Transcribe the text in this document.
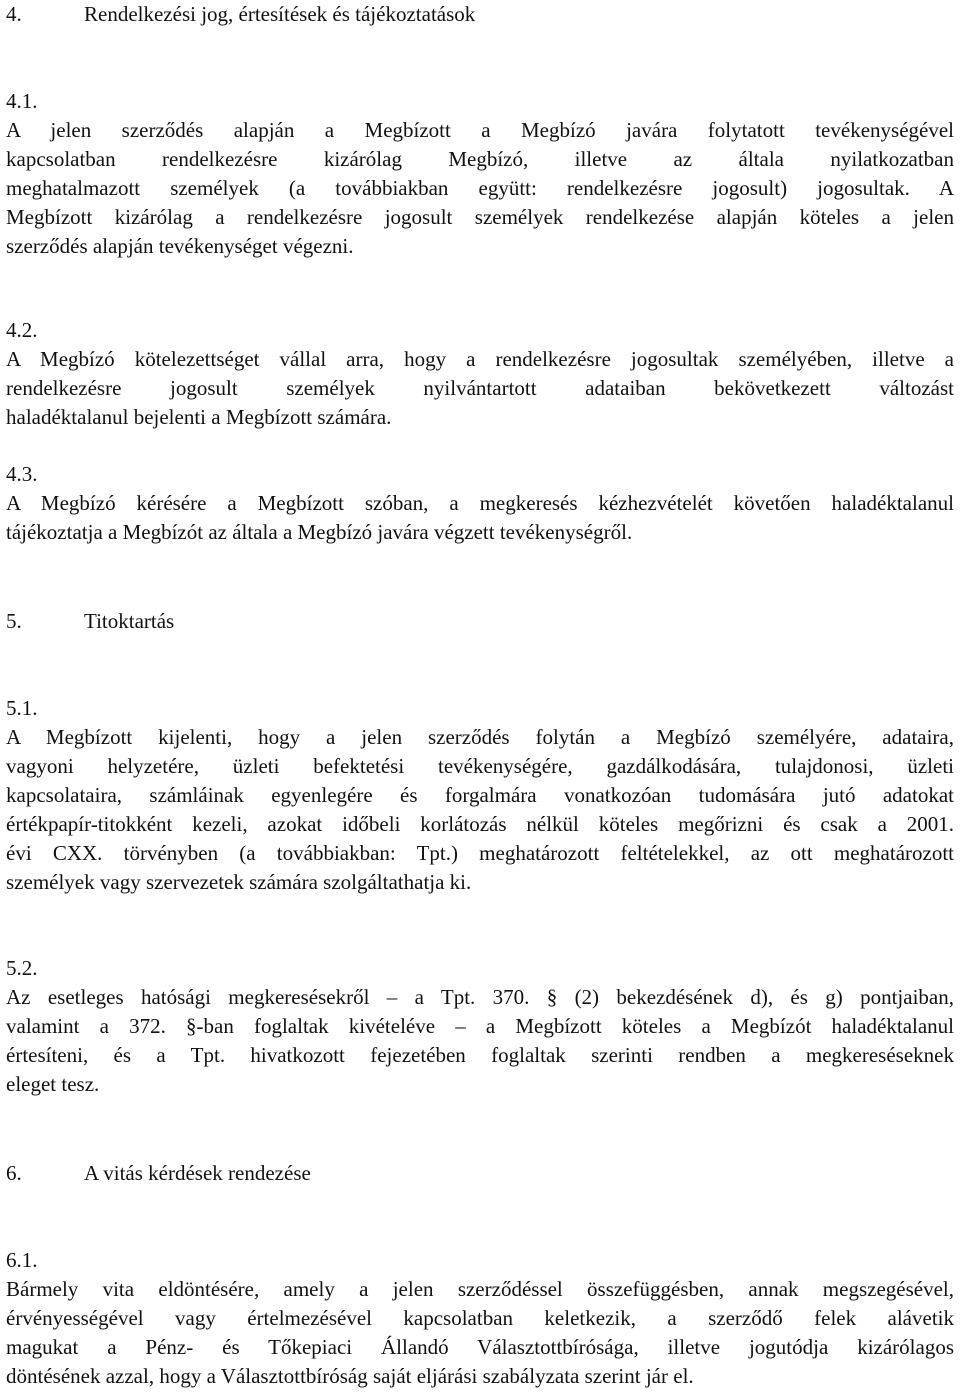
4.	Rendelkezési jog, értesítések és tájékoztatások
4.1.
A jelen szerződés alapján a Megbízott a Megbízó javára folytatott tevékenységével
kapcsolatban rendelkezésre kizárólag Megbízó, illetve az általa nyilatkozatban
meghatalmazott személyek (a továbbiakban együtt: rendelkezésre jogosult) jogosultak. A
Megbízott kizárólag a rendelkezésre jogosult személyek rendelkezése alapján köteles a jelen
szerződés alapján tevékenységet végezni.
4.2.
A Megbízó kötelezettséget vállal arra, hogy a rendelkezésre jogosultak személyében, illetve a
rendelkezésre jogosult személyek nyilvántartott adataiban bekövetkezett változást
haladéktalanul bejelenti a Megbízott számára.
4.3.
A Megbízó kérésére a Megbízott szóban, a megkeresés kézhezvételét követően haladéktalanul
tájékoztatja a Megbízót az általa a Megbízó javára végzett tevékenységről.
5.	Titoktartás
5.1.
A Megbízott kijelenti, hogy a jelen szerződés folytán a Megbízó személyére, adataira,
vagyoni helyzetére, üzleti befektetési tevékenységére, gazdálkodására, tulajdonosi, üzleti
kapcsolataira, számláinak egyenlegére és forgalmára vonatkozóan tudomására jutó adatokat
értékpapír-titokként kezeli, azokat időbeli korlátozás nélkül köteles megőrizni és csak a 2001.
évi CXX. törvényben (a továbbiakban: Tpt.) meghatározott feltételekkel, az ott meghatározott
személyek vagy szervezetek számára szolgáltathatja ki.
5.2.
Az esetleges hatósági megkeresésekről – a Tpt. 370. § (2) bekezdésének d), és g) pontjaiban,
valamint a 372. §-ban foglaltak kivételéve – a Megbízott köteles a Megbízót haladéktalanul
értesíteni, és a Tpt. hivatkozott fejezetében foglaltak szerinti rendben a megkereséseknek
eleget tesz.
6.	A vitás kérdések rendezése
6.1.
Bármely vita eldöntésére, amely a jelen szerződéssel összefüggésben, annak megszegésével,
érvényességével vagy értelmezésével kapcsolatban keletkezik, a szerződő felek alávetik
magukat a Pénz- és Tőkepiaci Állandó Választottbírósága, illetve jogutódja kizárólagos
döntésének azzal, hogy a Választottbíróság saját eljárási szabályzata szerint jár el.
